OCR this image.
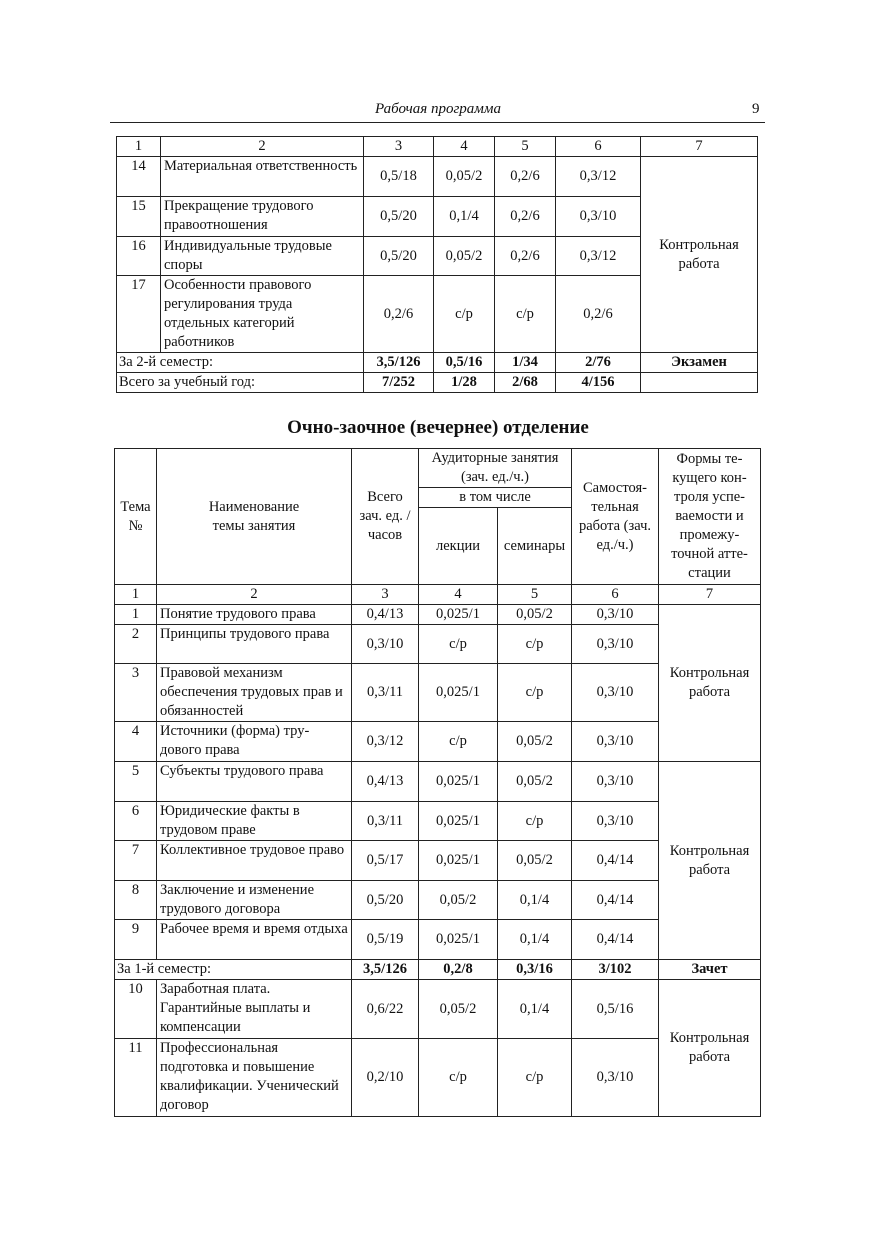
Рабочая программа	9
1	2	3	4	5	6	7
14	Материальная ответственность	0,5/18	0,05/2	0,2/6	0,3/12	Контрольная работа
15	Прекращение трудового правоотношения	0,5/20	0,1/4	0,2/6	0,3/10	
16	Индивидуальные трудовые споры	0,5/20	0,05/2	0,2/6	0,3/12	
17	Особенности правового регулирования труда отдельных категорий работников	0,2/6	с/р	с/р	0,2/6	
За 2-й семестр:		3,5/126	0,5/16	1/34	2/76	Экзамен
Всего за учебный год:		7/252	1/28	2/68	4/156	
Очно-заочное (вечернее) отделение
Тема №	Наименование темы занятия	Всего зач. ед. /часов	Аудиторные занятия (зач. ед./ч.)		Самостоя-тельная работа (зач. ед./ч.)	Формы те-кущего кон-троля успе-ваемости и промежу-точной атте-стации
			в том числе			
			лекции	семинары		
1	2	3	4	5	6	7
1	Понятие трудового права	0,4/13	0,025/1	0,05/2	0,3/10	Контрольная работа
2	Принципы трудового права	0,3/10	с/р	с/р	0,3/10	
3	Правовой механизм обеспечения трудовых прав и обязанностей	0,3/11	0,025/1	с/р	0,3/10	
4	Источники (форма) тру-дового права	0,3/12	с/р	0,05/2	0,3/10	
5	Субъекты трудового права	0,4/13	0,025/1	0,05/2	0,3/10	Контрольная работа
6	Юридические факты в трудовом праве	0,3/11	0,025/1	с/р	0,3/10	
7	Коллективное трудовое право	0,5/17	0,025/1	0,05/2	0,4/14	
8	Заключение и изменение трудового договора	0,5/20	0,05/2	0,1/4	0,4/14	
9	Рабочее время и время отдыха	0,5/19	0,025/1	0,1/4	0,4/14	
За 1-й семестр:		3,5/126	0,2/8	0,3/16	3/102	Зачет
10	Заработная плата. Гарантийные выплаты и компенсации	0,6/22	0,05/2	0,1/4	0,5/16	Контрольная работа
11	Профессиональная подготовка и повышение квалификации. Ученический договор	0,2/10	с/р	с/р	0,3/10	
